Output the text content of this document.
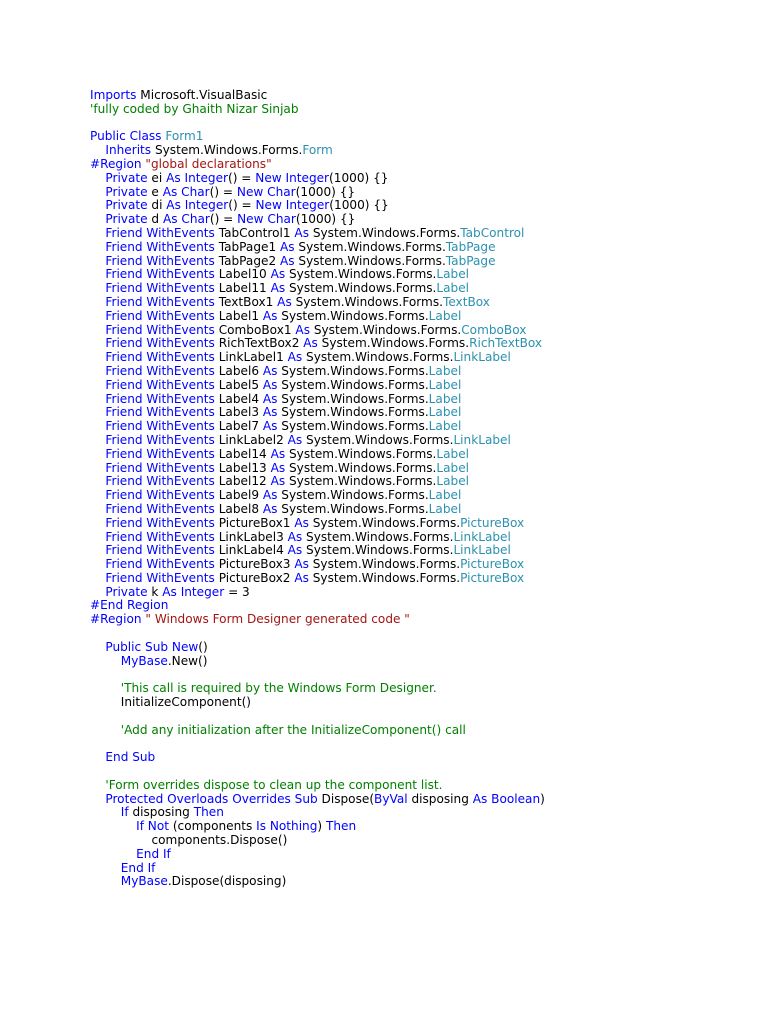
Imports Microsoft.VisualBasic
'fully coded by Ghaith Nizar Sinjab
Public Class Form1
Inherits System.Windows.Forms.Form
#Region "global declarations"
Private ei As Integer() = New Integer(1000) {}
Private e As Char() = New Char(1000) {}
Private di As Integer() = New Integer(1000) {}
Private d As Char() = New Char(1000) {}
Friend WithEvents TabControl1 As System.Windows.Forms.TabControl
Friend WithEvents TabPage1 As System.Windows.Forms.TabPage
Friend WithEvents TabPage2 As System.Windows.Forms.TabPage
Friend WithEvents Label10 As System.Windows.Forms.Label
Friend WithEvents Label11 As System.Windows.Forms.Label
Friend WithEvents TextBox1 As System.Windows.Forms.TextBox
Friend WithEvents Label1 As System.Windows.Forms.Label
Friend WithEvents ComboBox1 As System.Windows.Forms.ComboBox
Friend WithEvents RichTextBox2 As System.Windows.Forms.RichTextBox
Friend WithEvents LinkLabel1 As System.Windows.Forms.LinkLabel
Friend WithEvents Label6 As System.Windows.Forms.Label
Friend WithEvents Label5 As System.Windows.Forms.Label
Friend WithEvents Label4 As System.Windows.Forms.Label
Friend WithEvents Label3 As System.Windows.Forms.Label
Friend WithEvents Label7 As System.Windows.Forms.Label
Friend WithEvents LinkLabel2 As System.Windows.Forms.LinkLabel
Friend WithEvents Label14 As System.Windows.Forms.Label
Friend WithEvents Label13 As System.Windows.Forms.Label
Friend WithEvents Label12 As System.Windows.Forms.Label
Friend WithEvents Label9 As System.Windows.Forms.Label
Friend WithEvents Label8 As System.Windows.Forms.Label
Friend WithEvents PictureBox1 As System.Windows.Forms.PictureBox
Friend WithEvents LinkLabel3 As System.Windows.Forms.LinkLabel
Friend WithEvents LinkLabel4 As System.Windows.Forms.LinkLabel
Friend WithEvents PictureBox3 As System.Windows.Forms.PictureBox
Friend WithEvents PictureBox2 As System.Windows.Forms.PictureBox
Private k As Integer = 3
#End Region
#Region " Windows Form Designer generated code "
Public Sub New()
MyBase.New()
'This call is required by the Windows Form Designer.
InitializeComponent()
'Add any initialization after the InitializeComponent() call
End Sub
'Form overrides dispose to clean up the component list.
Protected Overloads Overrides Sub Dispose(ByVal disposing As Boolean)
If disposing Then
If Not (components Is Nothing) Then
components.Dispose()
End If
End If
MyBase.Dispose(disposing)
